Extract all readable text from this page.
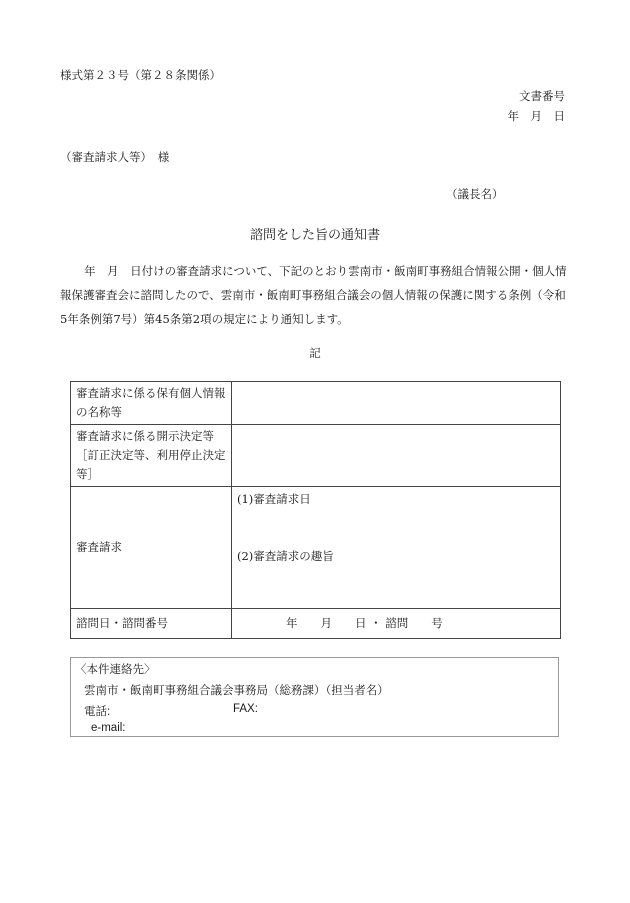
様式第２３号（第２８条関係）
文書番号
年　月　日
（審査請求人等）　様
（議長名）
諮問をした旨の通知書
年　月　日付けの審査請求について、下記のとおり雲南市・飯南町事務組合情報公開・個人情報保護審査会に諮問したので、雲南市・飯南町事務組合議会の個人情報の保護に関する条例（令和5年条例第7号）第45条第2項の規定により通知します。
記
審査請求に係る保有個人情報の名称等	
審査請求に係る開示決定等［訂正決定等、利用停止決定等］	
審査請求	(1)審査請求日
(2)審査請求の趣旨

諮問日・諮問番号	年　　月　　日 ・ 諮問　　号
〈本件連絡先〉
雲南市・飯南町事務組合議会事務局（総務課）（担当者名）
電話:	FAX:
e-mail:
